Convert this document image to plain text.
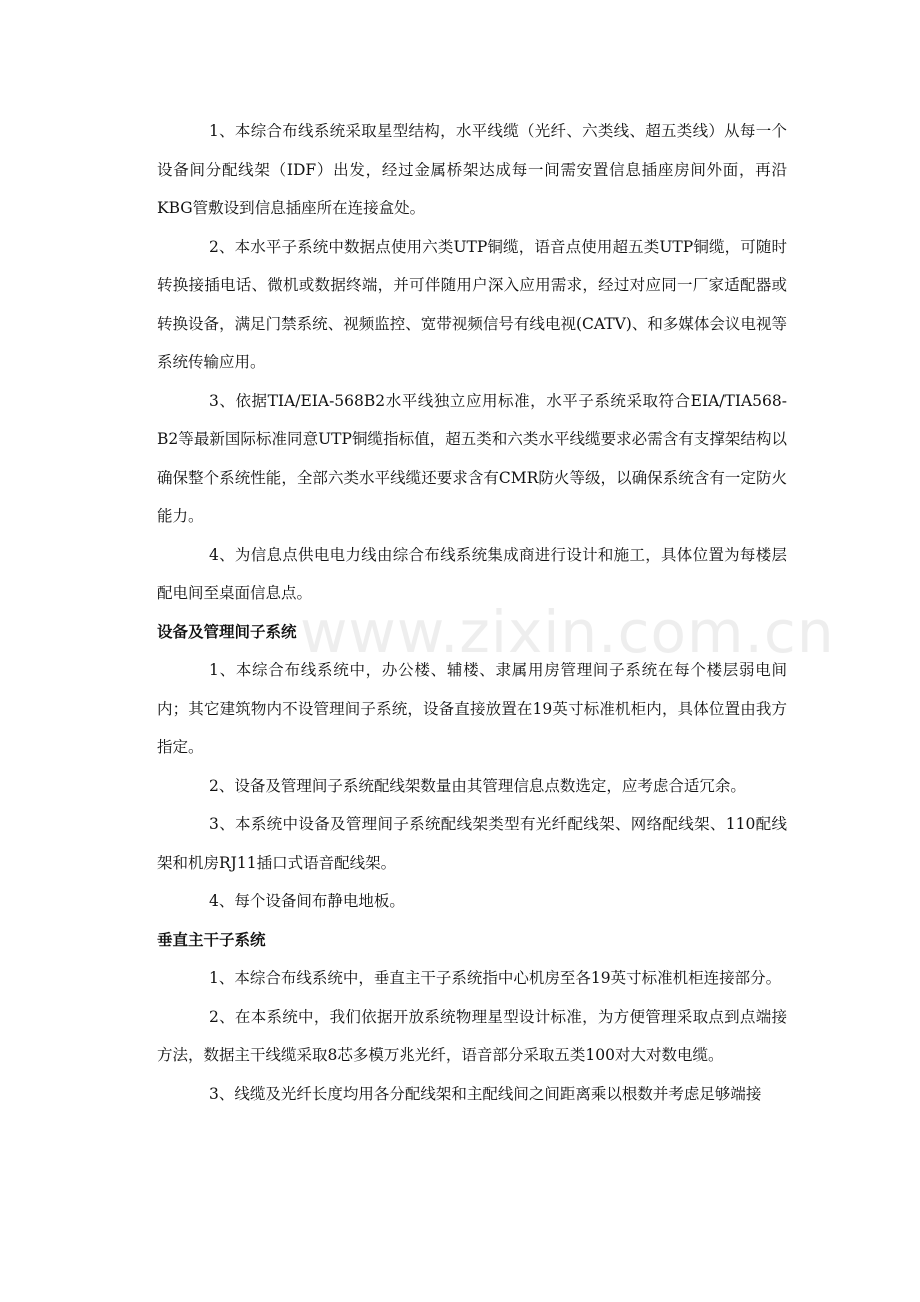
1、本综合布线系统采取星型结构，水平线缆（光纤、六类线、超五类线）从每一个设备间分配线架（IDF）出发，经过金属桥架达成每一间需安置信息插座房间外面，再沿KBG管敷设到信息插座所在连接盒处。

2、本水平子系统中数据点使用六类UTP铜缆，语音点使用超五类UTP铜缆，可随时转换接插电话、微机或数据终端，并可伴随用户深入应用需求，经过对应同一厂家适配器或转换设备，满足门禁系统、视频监控、宽带视频信号有线电视(CATV)、和多媒体会议电视等系统传输应用。

3、依据TIA/EIA-568B2水平线独立应用标准，水平子系统采取符合EIA/TIA568-B2等最新国际标准同意UTP铜缆指标值，超五类和六类水平线缆要求必需含有支撑架结构以确保整个系统性能，全部六类水平线缆还要求含有CMR防火等级，以确保系统含有一定防火能力。

4、为信息点供电电力线由综合布线系统集成商进行设计和施工，具体位置为每楼层配电间至桌面信息点。

设备及管理间子系统

1、本综合布线系统中，办公楼、辅楼、隶属用房管理间子系统在每个楼层弱电间内；其它建筑物内不设管理间子系统，设备直接放置在19英寸标准机柜内，具体位置由我方指定。

2、设备及管理间子系统配线架数量由其管理信息点数选定，应考虑合适冗余。

3、本系统中设备及管理间子系统配线架类型有光纤配线架、网络配线架、110配线架和机房RJ11插口式语音配线架。

4、每个设备间布静电地板。

垂直主干子系统

1、本综合布线系统中，垂直主干子系统指中心机房至各19英寸标准机柜连接部分。

2、在本系统中，我们依据开放系统物理星型设计标准，为方便管理采取点到点端接方法，数据主干线缆采取8芯多模万兆光纤，语音部分采取五类100对大对数电缆。

3、线缆及光纤长度均用各分配线架和主配线间之间距离乘以根数并考虑足够端接

www.zixin.com.cn
